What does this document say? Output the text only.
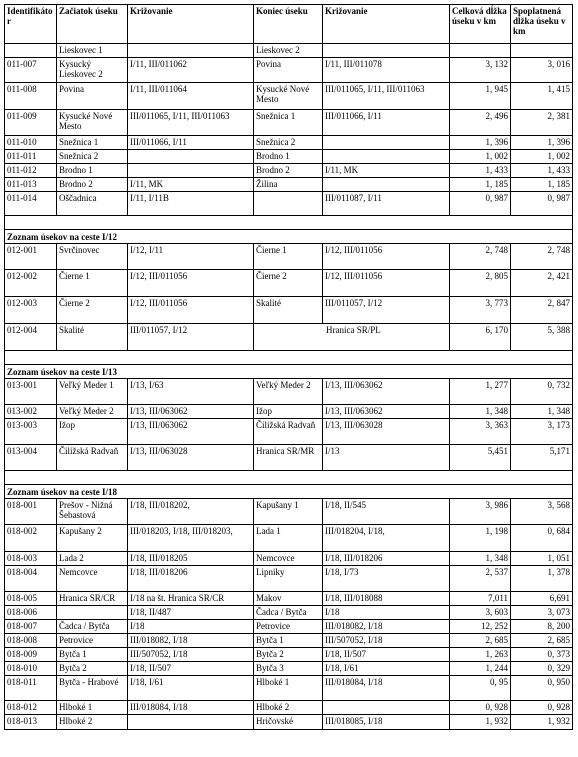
Identifikátor	Začiatok úseku	Križovanie	Koniec úseku	Križovanie	Celková dĺžka úseku v km	Spoplatnená dĺžka úseku v km
	Lieskovec 1		Lieskovec 2			
011-007	Kysucký Lieskovec 2	I/11, III/011062	Povina	I/11, III/011078	3, 132	3, 016
011-008	Povina	I/11, III/011064	Kysucké Nové Mesto	III/011065, I/11, III/011063	1, 945	1, 415
011-009	Kysucké Nové Mesto	III/011065, I/11, III/011063	Snežnica 1	III/011066, I/11	2, 496	2, 381
011-010	Snežnica 1	III/011066, I/11	Snežnica 2		1, 396	1, 396
011-011	Snežnica 2		Brodno 1		1, 002	1, 002
011-012	Brodno 1		Brodno 2	I/11, MK	1, 433	1, 433
011-013	Brodno 2	I/11, MK	Žilina		1, 185	1, 185
011-014	Oščadnica	I/11, I/11B		III/011087, I/11	0, 987	0, 987

Zoznam úsekov na ceste I/12						
012-001	Svrčinovec	I/12, I/11	Čierne 1	I/12, III/011056	2, 748	2, 748
012-002	Čierne 1	I/12, III/011056	Čierne 2	I/12, III/011056	2, 805	2, 421
012-003	Čierne 2	I/12, III/011056	Skalité	III/011057, I/12	3, 773	2, 847
012-004	Skalité	III/011057, I/12	Hranica SR/PL		6, 170	5, 388

Zoznam úsekov na ceste I/13						
013-001	Veľký Meder 1	I/13, I/63	Veľký Meder 2	I/13, III/063062	1, 277	0, 732
013-002	Veľký Meder 2	I/13, III/063062	Ižop	I/13, III/063062	1, 348	1, 348
013-003	Ižop	I/13, III/063062	Čilížská Radvaň	I/13, III/063028	3, 363	3, 173
013-004	Čilížská Radvaň	I/13, III/063028	Hranica SR/MR	I/13	5,451	5,171

Zoznam úsekov na ceste I/18						
018-001	Prešov - Nižná Šebastová	I/18, III/018202,	Kapušany 1	I/18, II/545	3, 986	3, 568
018-002	Kapušany 2	III/018203, I/18, III/018203,	Lada 1	III/018204, I/18,	1, 198	0, 684
018-003	Lada 2	I/18, III/018205	Nemcovce	I/18, III/018206	1, 348	1, 051
018-004	Nemcovce	I/18, III/018206	Lipniky	I/18, I/73	2, 537	1, 378
018-005	Hranica SR/CR	I/18 na št. Hranica SR/CR	Makov	I/18, III/018088	7,011	6,691
018-006		I/18, II/487	Čadca / Bytča	I/18	3, 603	3, 073
018-007	Čadca / Bytča	I/18	Petrovice	III/018082, I/18	12, 252	8, 200
018-008	Petrovice	III/018082, I/18	Bytča 1	III/507052, I/18	2, 685	2, 685
018-009	Bytča 1	III/507052, I/18	Bytča 2	I/18, II/507	1, 263	0, 373
018-010	Bytča 2	I/18, II/507	Bytča 3	I/18, I/61	1, 244	0, 329
018-011	Bytča - Hrabové	I/18, I/61	Hlboké 1	III/018084, I/18	0, 95	0, 950
018-012	Hlboké 1	III/018084, I/18	Hlboké 2		0, 928	0, 928
018-013	Hlboké 2		Hričovské	III/018085, I/18	1, 932	1, 932
